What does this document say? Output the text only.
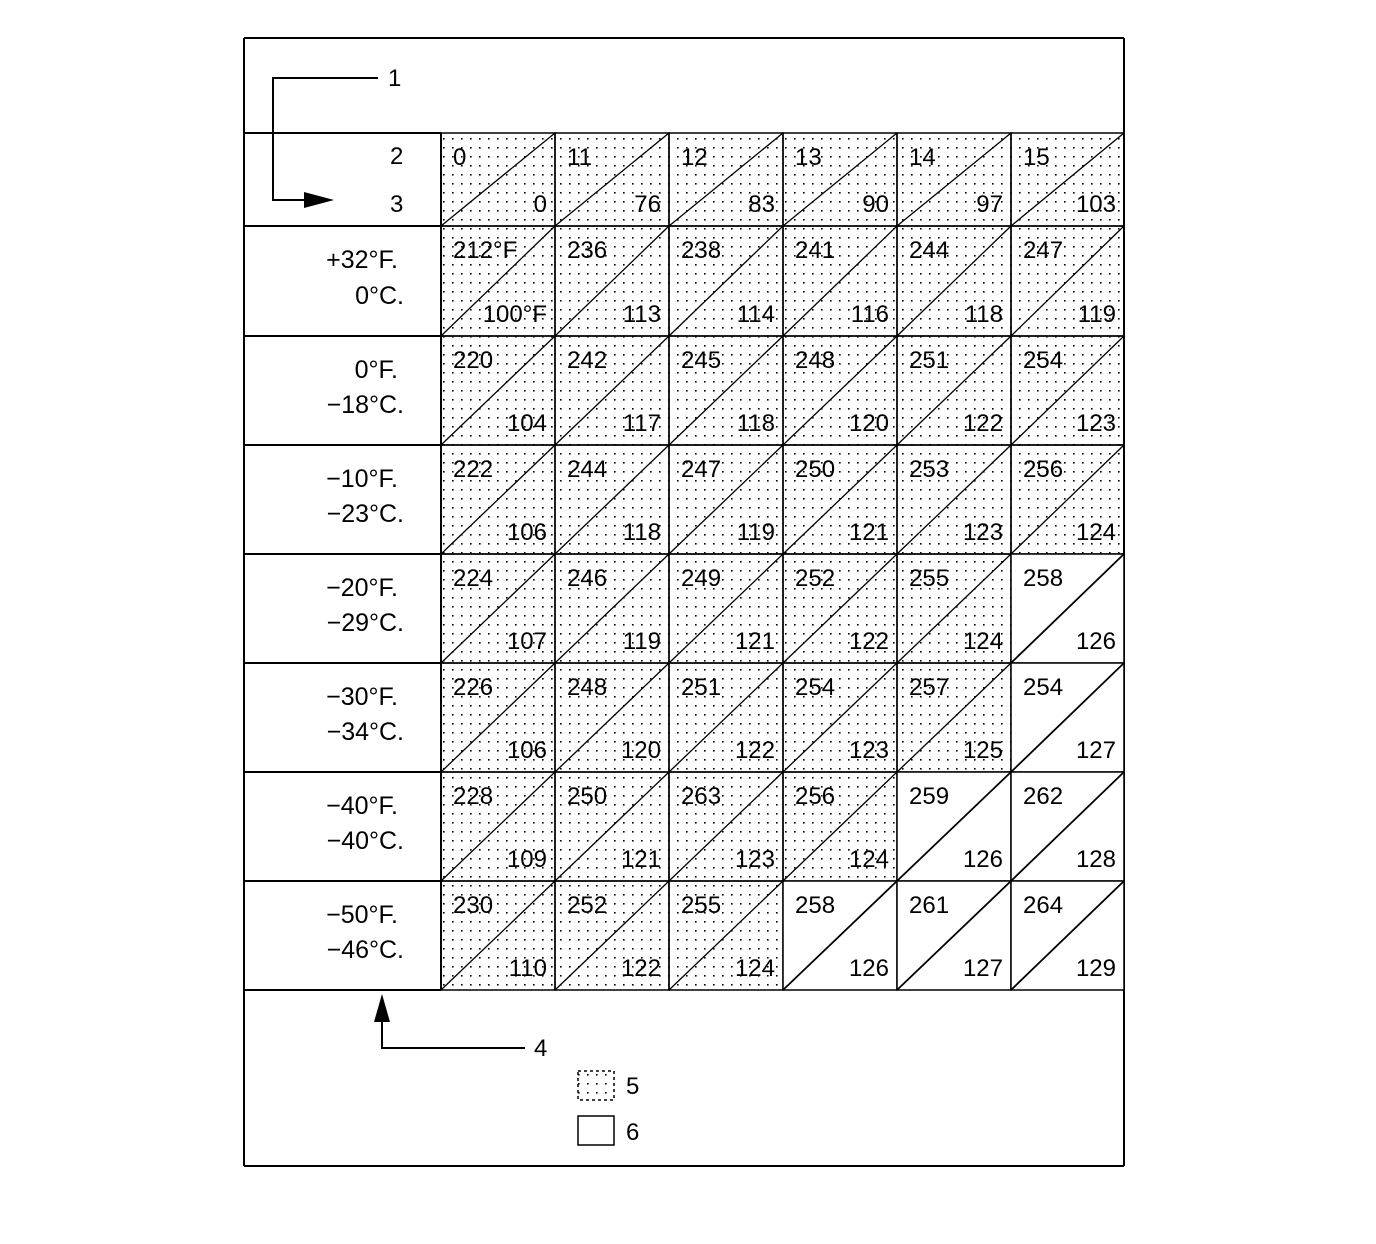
0
0
11
76
12
83
13
90
14
97
15
103
212°F
100°F
236
113
238
114
241
116
244
118
247
119
+32°F.
0°C.
220
104
242
117
245
118
248
120
251
122
254
123
0°F.
−18°C.
222
106
244
118
247
119
250
121
253
123
256
124
−10°F.
−23°C.
224
107
246
119
249
121
252
122
255
124
258
126
−20°F.
−29°C.
226
106
248
120
251
122
254
123
257
125
254
127
−30°F.
−34°C.
228
109
250
121
263
123
256
124
259
126
262
128
−40°F.
−40°C.
230
110
252
122
255
124
258
126
261
127
264
129
−50°F.
−46°C.
1
2
3
4
5
6
